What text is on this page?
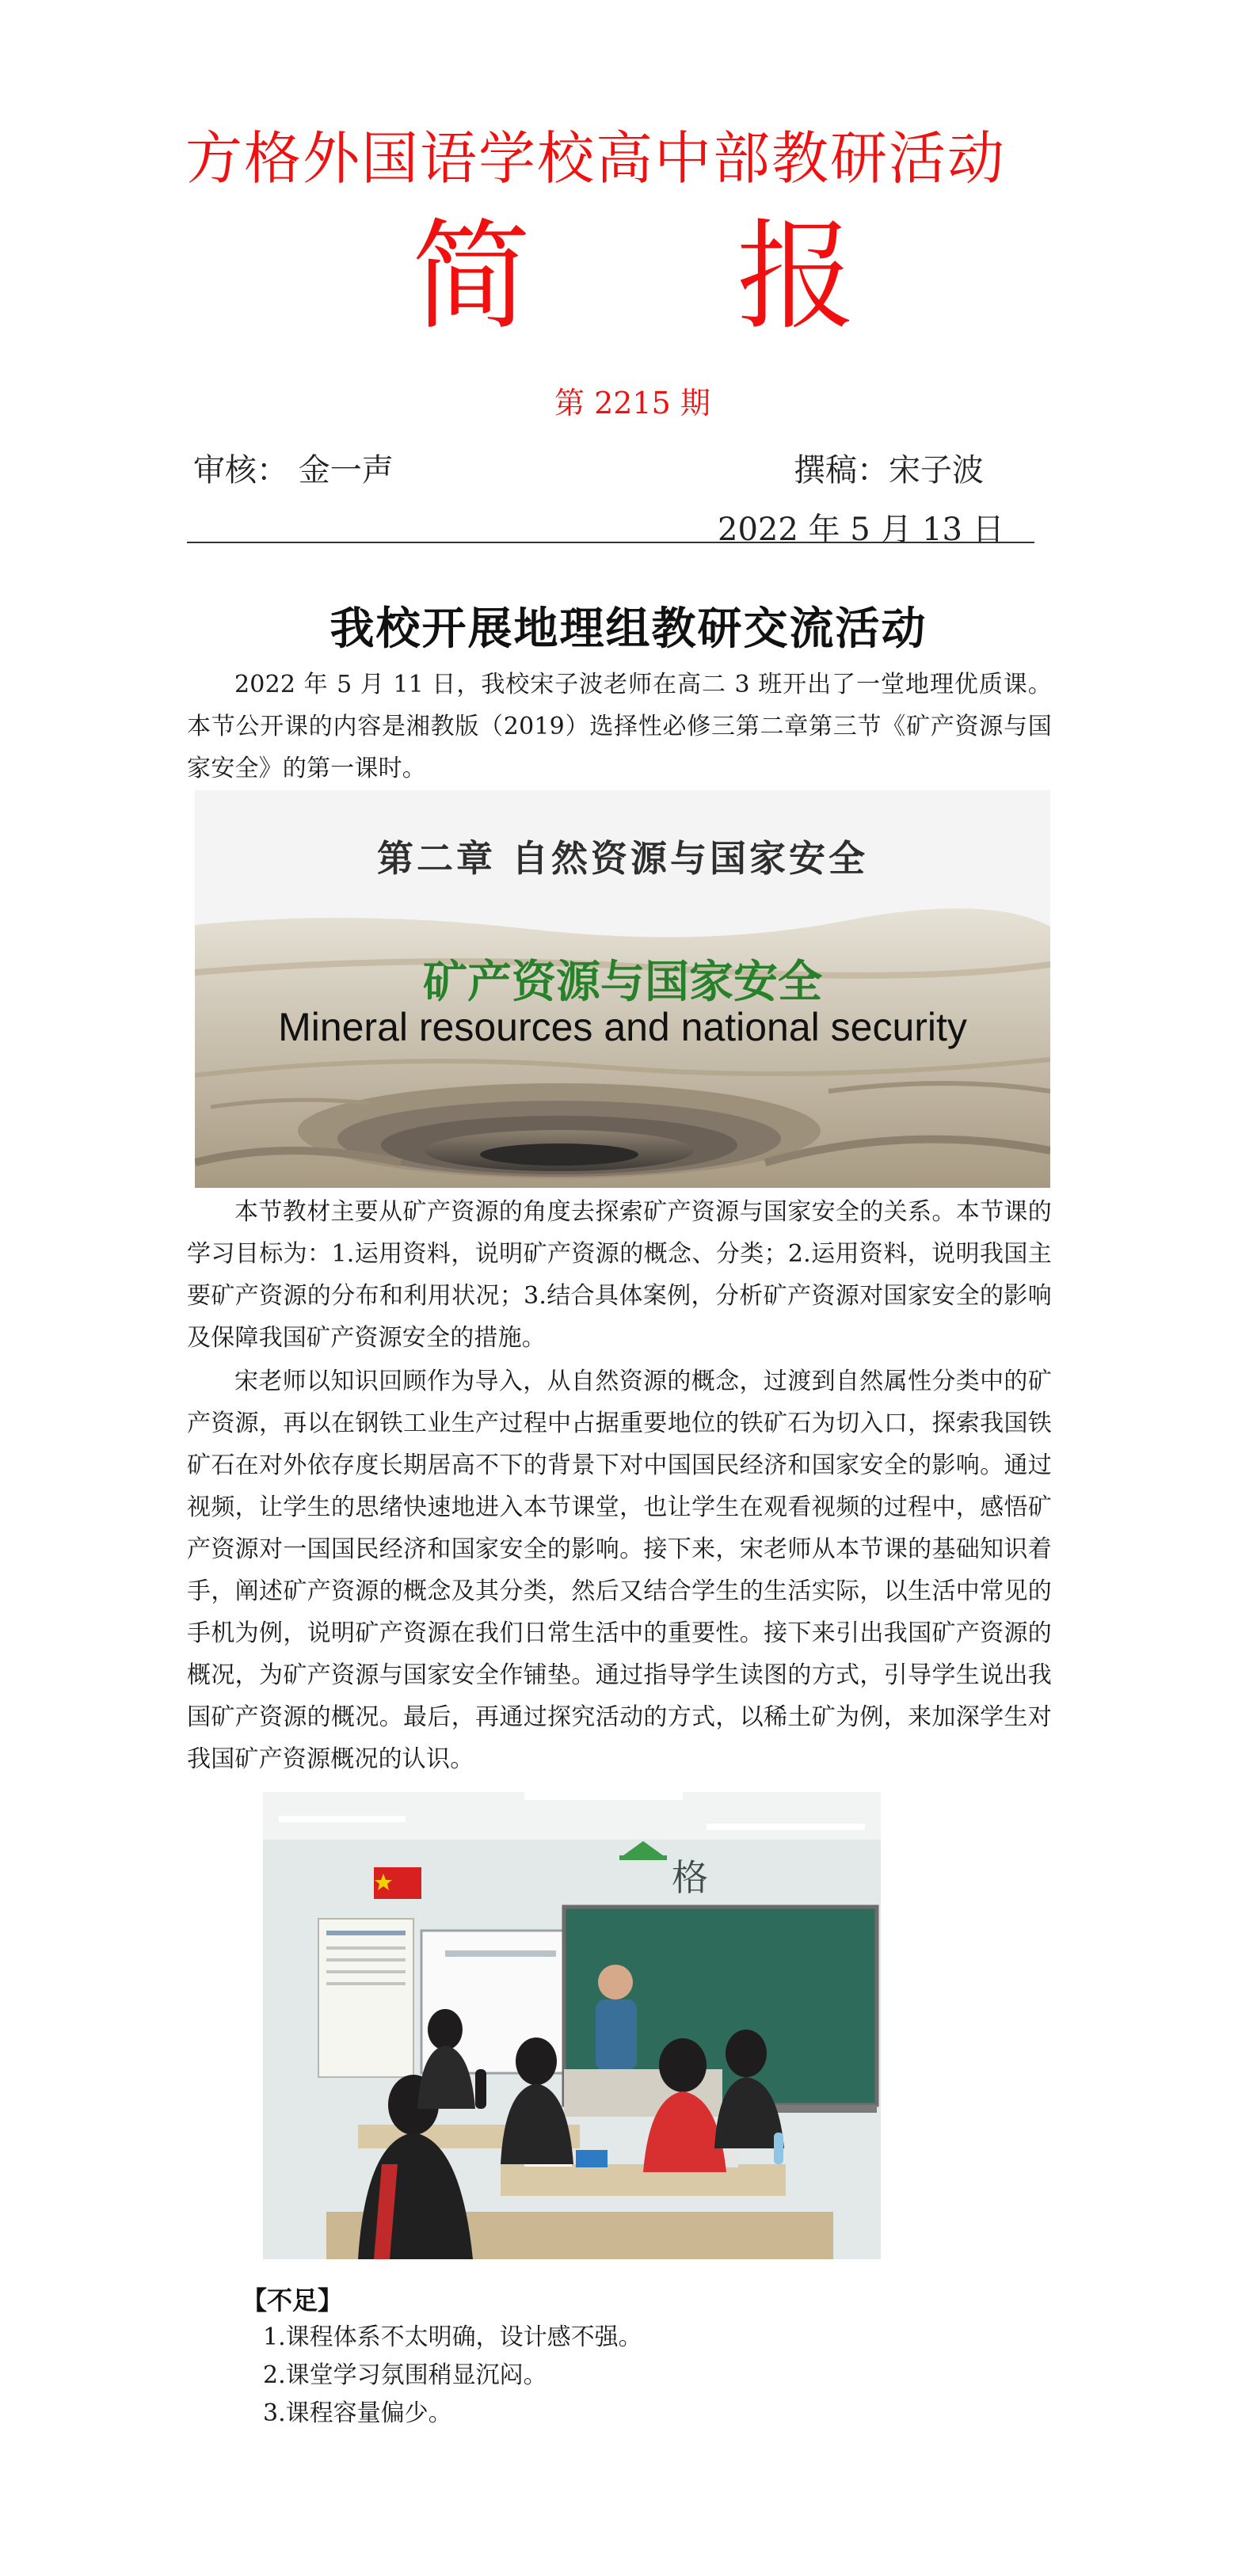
方格外国语学校高中部教研活动
简 报
第 2215 期
审核： 金一声	撰稿：宋子波
2022 年 5 月 13 日
我校开展地理组教研交流活动

2022 年 5 月 11 日，我校宋子波老师在高二 3 班开出了一堂地理优质课。本节公开课的内容是湘教版（2019）选择性必修三第二章第三节《矿产资源与国家安全》的第一课时。

第二章 自然资源与国家安全
矿产资源与国家安全
Mineral resources and national security

本节教材主要从矿产资源的角度去探索矿产资源与国家安全的关系。本节课的学习目标为：1.运用资料，说明矿产资源的概念、分类；2.运用资料，说明我国主要矿产资源的分布和利用状况；3.结合具体案例，分析矿产资源对国家安全的影响及保障我国矿产资源安全的措施。

宋老师以知识回顾作为导入，从自然资源的概念，过渡到自然属性分类中的矿产资源，再以在钢铁工业生产过程中占据重要地位的铁矿石为切入口，探索我国铁矿石在对外依存度长期居高不下的背景下对中国国民经济和国家安全的影响。通过视频，让学生的思绪快速地进入本节课堂，也让学生在观看视频的过程中，感悟矿产资源对一国国民经济和国家安全的影响。接下来，宋老师从本节课的基础知识着手，阐述矿产资源的概念及其分类，然后又结合学生的生活实际，以生活中常见的手机为例，说明矿产资源在我们日常生活中的重要性。接下来引出我国矿产资源的概况，为矿产资源与国家安全作铺垫。通过指导学生读图的方式，引导学生说出我国矿产资源的概况。最后，再通过探究活动的方式，以稀土矿为例，来加深学生对我国矿产资源概况的认识。

格
【不足】
1.课程体系不太明确，设计感不强。
2.课堂学习氛围稍显沉闷。
3.课程容量偏少。
